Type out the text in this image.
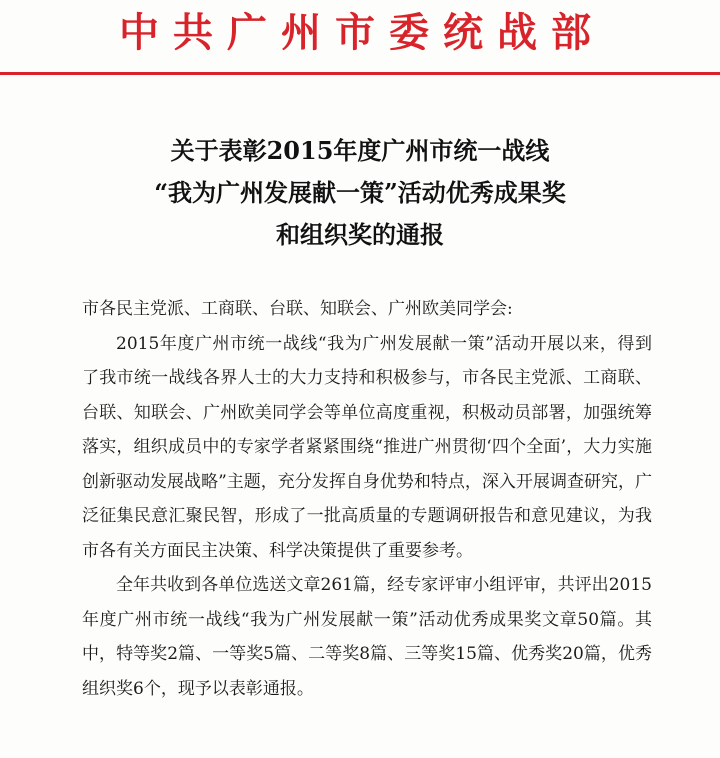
中共广州市委统战部
关于表彰2015年度广州市统一战线
“我为广州发展献一策”活动优秀成果奖
和组织奖的通报

市各民主党派、工商联、台联、知联会、广州欧美同学会:

2015年度广州市统一战线“我为广州发展献一策”活动开展以来，得到了我市统一战线各界人士的大力支持和积极参与，市各民主党派、工商联、台联、知联会、广州欧美同学会等单位高度重视，积极动员部署，加强统筹落实，组织成员中的专家学者紧紧围绕“推进广州贯彻‘四个全面’，大力实施创新驱动发展战略”主题，充分发挥自身优势和特点，深入开展调查研究，广泛征集民意汇聚民智，形成了一批高质量的专题调研报告和意见建议，为我市各有关方面民主决策、科学决策提供了重要参考。

全年共收到各单位选送文章261篇，经专家评审小组评审，共评出2015年度广州市统一战线“我为广州发展献一策”活动优秀成果奖文章50篇。其中，特等奖2篇、一等奖5篇、二等奖8篇、三等奖15篇、优秀奖20篇，优秀组织奖6个，现予以表彰通报。
